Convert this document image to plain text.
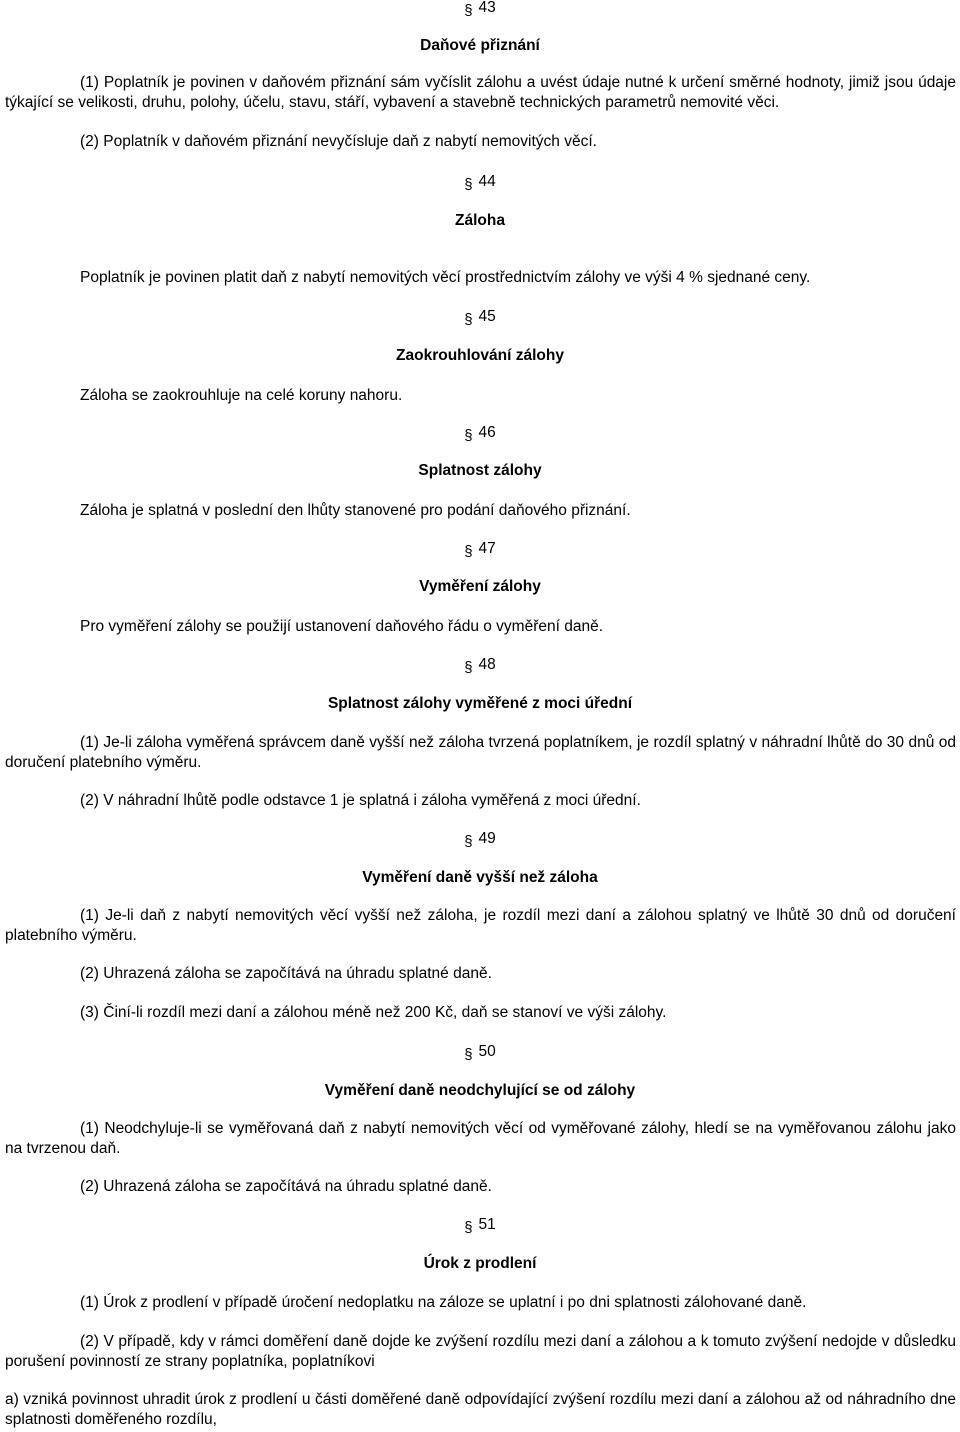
§ 43
Daňové přiznání
(1) Poplatník je povinen v daňovém přiznání sám vyčíslit zálohu a uvést údaje nutné k určení směrné hodnoty, jimiž jsou údaje týkající se velikosti, druhu, polohy, účelu, stavu, stáří, vybavení a stavebně technických parametrů nemovité věci.
(2) Poplatník v daňovém přiznání nevyčísluje daň z nabytí nemovitých věcí.
§ 44
Záloha
Poplatník je povinen platit daň z nabytí nemovitých věcí prostřednictvím zálohy ve výši 4 % sjednané ceny.
§ 45
Zaokrouhlování zálohy
Záloha se zaokrouhluje na celé koruny nahoru.
§ 46
Splatnost zálohy
Záloha je splatná v poslední den lhůty stanovené pro podání daňového přiznání.
§ 47
Vyměření zálohy
Pro vyměření zálohy se použijí ustanovení daňového řádu o vyměření daně.
§ 48
Splatnost zálohy vyměřené z moci úřední
(1) Je-li záloha vyměřená správcem daně vyšší než záloha tvrzená poplatníkem, je rozdíl splatný v náhradní lhůtě do 30 dnů od doručení platebního výměru.
(2) V náhradní lhůtě podle odstavce 1 je splatná i záloha vyměřená z moci úřední.
§ 49
Vyměření daně vyšší než záloha
(1) Je-li daň z nabytí nemovitých věcí vyšší než záloha, je rozdíl mezi daní a zálohou splatný ve lhůtě 30 dnů od doručení platebního výměru.
(2) Uhrazená záloha se započítává na úhradu splatné daně.
(3) Činí-li rozdíl mezi daní a zálohou méně než 200 Kč, daň se stanoví ve výši zálohy.
§ 50
Vyměření daně neodchylující se od zálohy
(1) Neodchyluje-li se vyměřovaná daň z nabytí nemovitých věcí od vyměřované zálohy, hledí se na vyměřovanou zálohu jako na tvrzenou daň.
(2) Uhrazená záloha se započítává na úhradu splatné daně.
§ 51
Úrok z prodlení
(1) Úrok z prodlení v případě úročení nedoplatku na záloze se uplatní i po dni splatnosti zálohované daně.
(2) V případě, kdy v rámci doměření daně dojde ke zvýšení rozdílu mezi daní a zálohou a k tomuto zvýšení nedojde v důsledku porušení povinností ze strany poplatníka, poplatníkovi
a) vzniká povinnost uhradit úrok z prodlení u části doměřené daně odpovídající zvýšení rozdílu mezi daní a zálohou až od náhradního dne splatnosti doměřeného rozdílu,
